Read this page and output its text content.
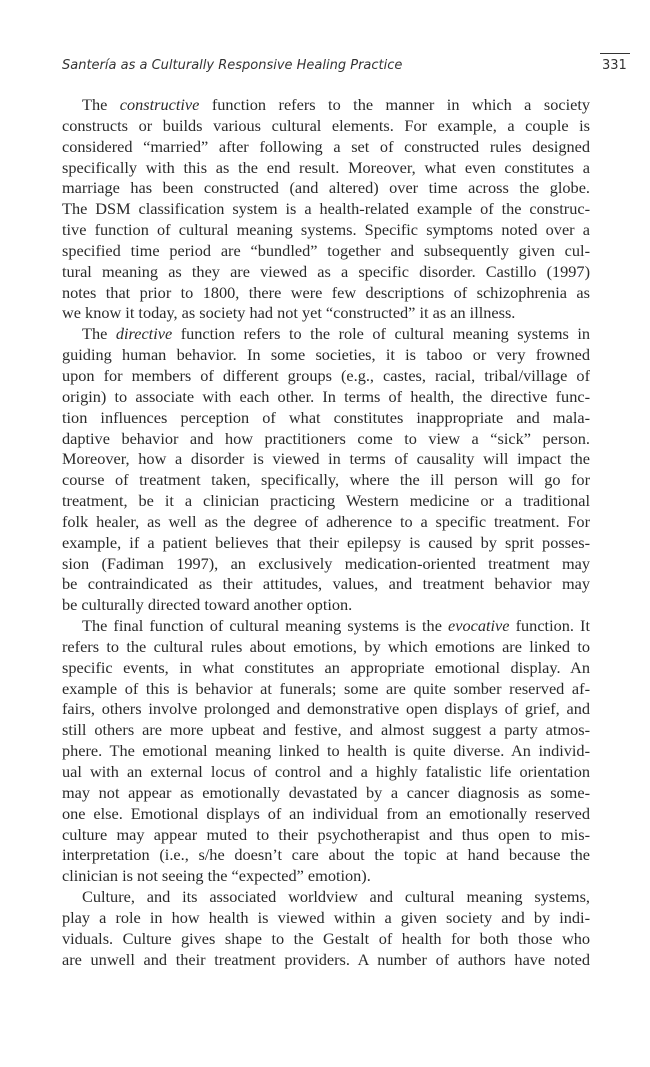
Santería as a Culturally Responsive Healing Practice	331
The constructive function refers to the manner in which a society
constructs or builds various cultural elements. For example, a couple is
considered “married” after following a set of constructed rules designed
specifically with this as the end result. Moreover, what even constitutes a
marriage has been constructed (and altered) over time across the globe.
The DSM classification system is a health-related example of the construc-
tive function of cultural meaning systems. Specific symptoms noted over a
specified time period are “bundled” together and subsequently given cul-
tural meaning as they are viewed as a specific disorder. Castillo (1997)
notes that prior to 1800, there were few descriptions of schizophrenia as
we know it today, as society had not yet “constructed” it as an illness.
The directive function refers to the role of cultural meaning systems in
guiding human behavior. In some societies, it is taboo or very frowned
upon for members of different groups (e.g., castes, racial, tribal/village of
origin) to associate with each other. In terms of health, the directive func-
tion influences perception of what constitutes inappropriate and mala-
daptive behavior and how practitioners come to view a “sick” person.
Moreover, how a disorder is viewed in terms of causality will impact the
course of treatment taken, specifically, where the ill person will go for
treatment, be it a clinician practicing Western medicine or a traditional
folk healer, as well as the degree of adherence to a specific treatment. For
example, if a patient believes that their epilepsy is caused by sprit posses-
sion (Fadiman 1997), an exclusively medication-oriented treatment may
be contraindicated as their attitudes, values, and treatment behavior may
be culturally directed toward another option.
The final function of cultural meaning systems is the evocative function. It
refers to the cultural rules about emotions, by which emotions are linked to
specific events, in what constitutes an appropriate emotional display. An
example of this is behavior at funerals; some are quite somber reserved af-
fairs, others involve prolonged and demonstrative open displays of grief, and
still others are more upbeat and festive, and almost suggest a party atmos-
phere. The emotional meaning linked to health is quite diverse. An individ-
ual with an external locus of control and a highly fatalistic life orientation
may not appear as emotionally devastated by a cancer diagnosis as some-
one else. Emotional displays of an individual from an emotionally reserved
culture may appear muted to their psychotherapist and thus open to mis-
interpretation (i.e., s/he doesn’t care about the topic at hand because the
clinician is not seeing the “expected” emotion).
Culture, and its associated worldview and cultural meaning systems,
play a role in how health is viewed within a given society and by indi-
viduals. Culture gives shape to the Gestalt of health for both those who
are unwell and their treatment providers. A number of authors have noted
